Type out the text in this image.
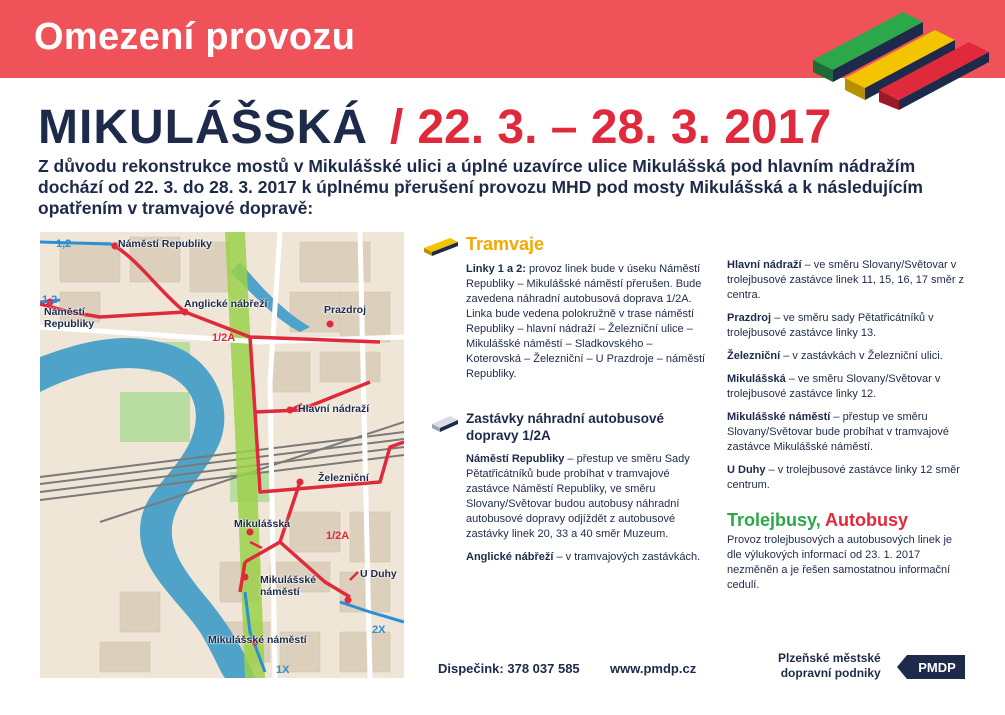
Omezení provozu
MIKULÁŠSKÁ / 22. 3. – 28. 3. 2017
Z důvodu rekonstrukce mostů v Mikulášské ulici a úplné uzavírce ulice Mikulášská pod hlavním nádražím dochází od 22. 3. do 28. 3. 2017 k úplnému přerušení provozu MHD pod mosty Mikulášská a k následujícím opatřením v tramvajové dopravě:
Náměstí Republiky
Náměstí
Republiky
Anglické nábřeží	Prazdroj
Hlavní nádraží
Železniční
Mikulášská
Mikulášské
náměstí
U Duhy
Mikulášské náměstí
1,2
1,2
1/2A
1/2A
2X
1X
Tramvaje

Linky 1 a 2: provoz linek bude v úseku Náměstí Republiky – Mikulášské náměstí přerušen. Bude zavedena náhradní autobusová doprava 1/2A. Linka bude vedena polokružně v trase náměstí Republiky – hlavní nádraží – Železniční ulice – Mikulášské náměstí – Sladkovského – Koterovská – Železniční – U Prazdroje – náměstí Republiky.

Zastávky náhradní autobusové dopravy 1/2A

Náměstí Republiky – přestup ve směru Sady Pětatřicátníků bude probíhat v tramvajové zastávce Náměstí Republiky, ve směru Slovany/Světovar budou autobusy náhradní autobusové dopravy odjíždět z autobusové zastávky linek 20, 33 a 40 směr Muzeum.

Anglické nábřeží – v tramvajových zastávkách.

Hlavní nádraží – ve směru Slovany/Světovar v trolejbusové zastávce linek 11, 15, 16, 17 směr z centra.

Prazdroj – ve směru sady Pětatřicátníků v trolejbusové zastávce linky 13.

Železniční – v zastávkách v Železniční ulici.

Mikulášská – ve směru Slovany/Světovar v trolejbusové zastávce linky 12.

Mikulášské náměstí – přestup ve směru Slovany/Světovar bude probíhat v tramvajové zastávce Mikulášské náměstí.

U Duhy – v trolejbusové zastávce linky 12 směr centrum.

Trolejbusy, Autobusy

Provoz trolejbusových a autobusových linek je dle výlukových informací od 23. 1. 2017 nezměněn a je řešen samostatnou informační cedulí.

Dispečink: 378 037 585 www.pmdp.cz
Plzeňské městské
dopravní podniky	PMDP
